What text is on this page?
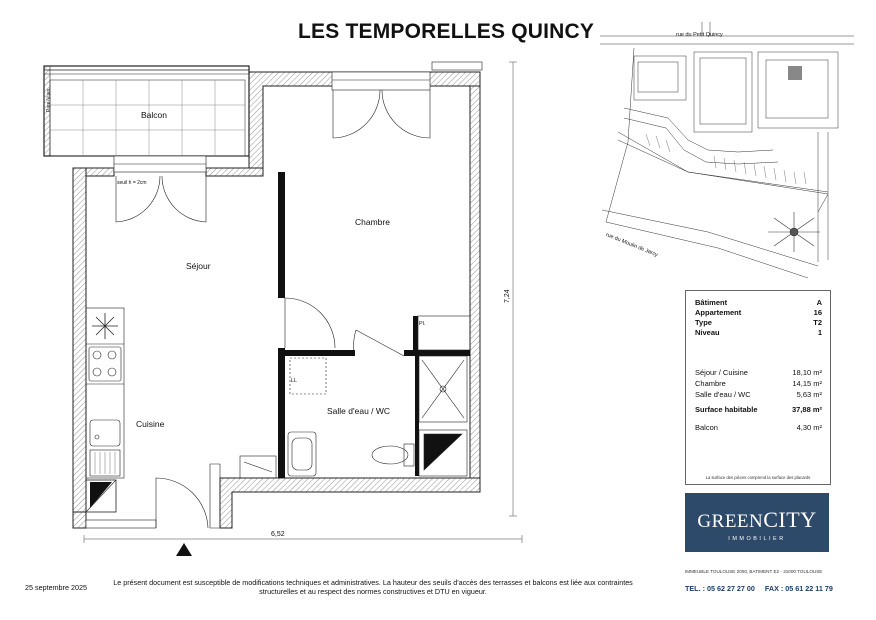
LES TEMPORELLES QUINCY
Balcon
Séjour
Chambre
Cuisine
Salle d'eau / WC
Pl.
LL
Pare-Vues
seuil h = 2cm
6,52
7,24
rue du Petit Quincy
rue du Moulin de Jarcy
Bâtiment	A
Appartement	16
Type	T2
Niveau	1
Séjour / Cuisine	18,10 m²
Chambre	14,15 m²
Salle d'eau / WC	5,63 m²
Surface habitable	37,88 m²
Balcon	4,30 m²
La surface des pièces comprend la surface des placards
GREENCITY
IMMOBILIER
IMMEUBLE TOULOUSE 2000, BATIMENT E2 - 31000 TOULOUSE
TEL. : 05 62 27 27 00 FAX : 05 61 22 11 79
25 septembre 2025
Le présent document est susceptible de modifications techniques et administratives. La hauteur des seuils d'accès des terrasses et balcons est liée aux contraintes structurelles et au respect des normes constructives et DTU en vigueur.
